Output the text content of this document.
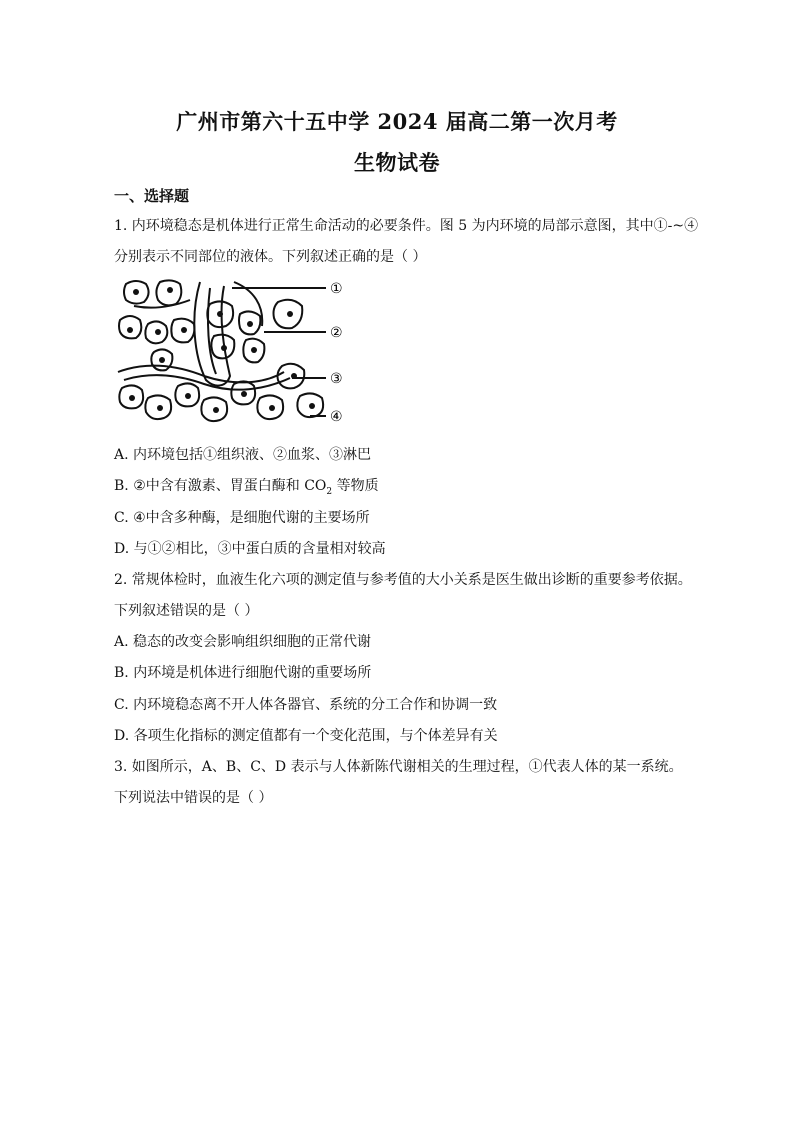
广州市第六十五中学 2024 届高二第一次月考
生物试卷
一、选择题
1. 内环境稳态是机体进行正常生命活动的必要条件。图 5 为内环境的局部示意图，其中①-~④
分别表示不同部位的液体。下列叙述正确的是（ ）
①
②
③
④
A. 内环境包括①组织液、②血浆、③淋巴
B. ②中含有激素、胃蛋白酶和 $CO_2$ 等物质
C. ④中含多种酶，是细胞代谢的主要场所
D. 与①②相比，③中蛋白质的含量相对较高
2. 常规体检时，血液生化六项的测定值与参考值的大小关系是医生做出诊断的重要参考依据。
下列叙述错误的是（ ）
A. 稳态的改变会影响组织细胞的正常代谢
B. 内环境是机体进行细胞代谢的重要场所
C. 内环境稳态离不开人体各器官、系统的分工合作和协调一致
D. 各项生化指标的测定值都有一个变化范围，与个体差异有关
3. 如图所示，A、B、C、D 表示与人体新陈代谢相关的生理过程，①代表人体的某一系统。
下列说法中错误的是（ ）
